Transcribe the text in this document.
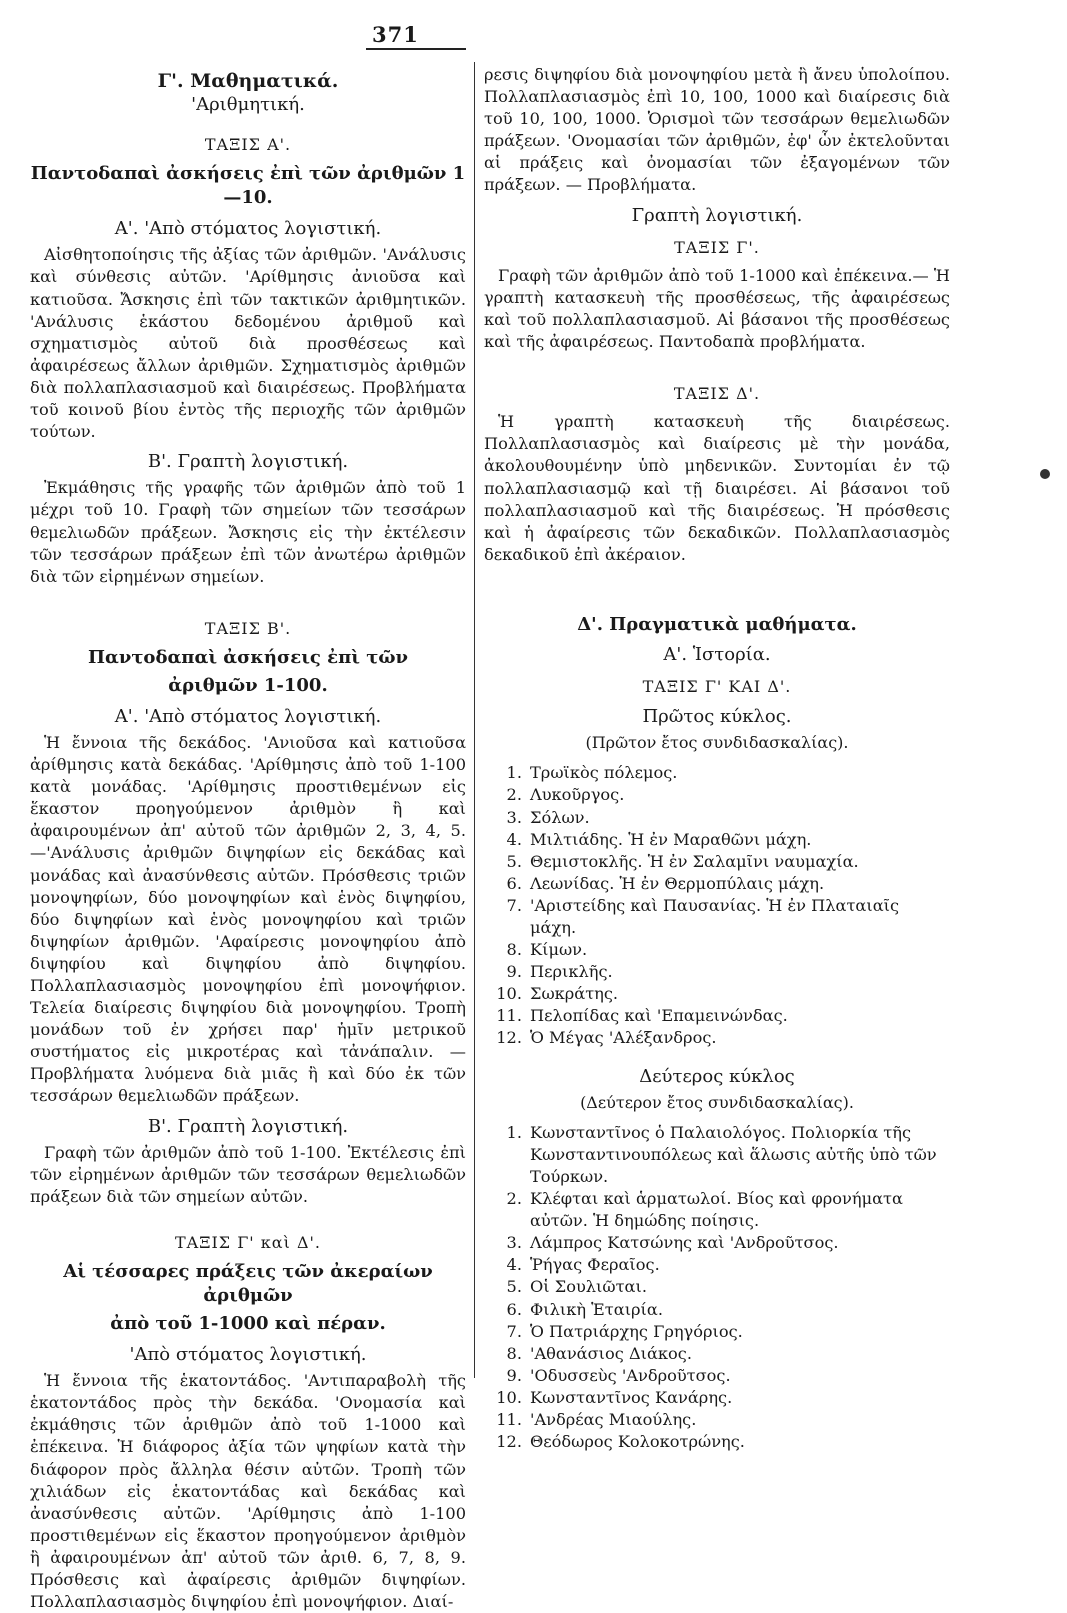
371
Γ'. Μαθηματικά.
'Αριθμητική.
ΤΑΞΙΣ Α'.
Παντοδαπαὶ ἀσκήσεις ἐπὶ τῶν ἀριθμῶν 1—10.
Α'. 'Απὸ στόματος λογιστική.

Αἰσθητοποίησις τῆς ἀξίας τῶν ἀριθμῶν. 'Ανάλυσις καὶ σύνθεσις αὐτῶν. 'Αρίθμησις ἀνιοῦσα καὶ κατιοῦσα. Ἄσκησις ἐπὶ τῶν τακτικῶν ἀριθμητικῶν. 'Ανάλυσις ἑκάστου δεδομένου ἀριθμοῦ καὶ σχηματισμὸς αὐτοῦ διὰ προσθέσεως καὶ ἀφαιρέσεως ἄλλων ἀριθμῶν. Σχηματισμὸς ἀριθμῶν διὰ πολλαπλασιασμοῦ καὶ διαιρέσεως. Προβλήματα τοῦ κοινοῦ βίου ἐντὸς τῆς περιοχῆς τῶν ἀριθμῶν τούτων.

Β'. Γραπτὴ λογιστική.

Ἐκμάθησις τῆς γραφῆς τῶν ἀριθμῶν ἀπὸ τοῦ 1 μέχρι τοῦ 10. Γραφὴ τῶν σημείων τῶν τεσσάρων θεμελιωδῶν πράξεων. Ἄσκησις εἰς τὴν ἐκτέλεσιν τῶν τεσσάρων πράξεων ἐπὶ τῶν ἀνωτέρω ἀριθμῶν διὰ τῶν εἰρημένων σημείων.

ΤΑΞΙΣ Β'.
Παντοδαπαὶ ἀσκήσεις ἐπὶ τῶν
ἀριθμῶν 1-100.
Α'. 'Απὸ στόματος λογιστική.

Ἡ ἔννοια τῆς δεκάδος. 'Ανιοῦσα καὶ κατιοῦσα ἀρίθμησις κατὰ δεκάδας. 'Αρίθμησις ἀπὸ τοῦ 1-100 κατὰ μονάδας. 'Αρίθμησις προστιθεμένων εἰς ἕκαστον προηγούμενον ἀριθμὸν ἢ καὶ ἀφαιρουμένων ἀπ' αὐτοῦ τῶν ἀριθμῶν 2, 3, 4, 5.—'Ανάλυσις ἀριθμῶν διψηφίων εἰς δεκάδας καὶ μονάδας καὶ ἀνασύνθεσις αὐτῶν. Πρόσθεσις τριῶν μονοψηφίων, δύο μονοψηφίων καὶ ἑνὸς διψηφίου, δύο διψηφίων καὶ ἑνὸς μονοψηφίου καὶ τριῶν διψηφίων ἀριθμῶν. 'Αφαίρεσις μονοψηφίου ἀπὸ διψηφίου καὶ διψηφίου ἀπὸ διψηφίου. Πολλαπλασιασμὸς μονοψηφίου ἐπὶ μονοψήφιον. Τελεία διαίρεσις διψηφίου διὰ μονοψηφίου. Τροπὴ μονάδων τοῦ ἐν χρήσει παρ' ἡμῖν μετρικοῦ συστήματος εἰς μικροτέρας καὶ τἀνάπαλιν. —Προβλήματα λυόμενα διὰ μιᾶς ἢ καὶ δύο ἐκ τῶν τεσσάρων θεμελιωδῶν πράξεων.

Β'. Γραπτὴ λογιστική.

Γραφὴ τῶν ἀριθμῶν ἀπὸ τοῦ 1-100. Ἐκτέλεσις ἐπὶ τῶν εἰρημένων ἀριθμῶν τῶν τεσσάρων θεμελιωδῶν πράξεων διὰ τῶν σημείων αὐτῶν.

ΤΑΞΙΣ Γ' καὶ Δ'.
Αἱ τέσσαρες πράξεις τῶν ἀκεραίων ἀριθμῶν
ἀπὸ τοῦ 1-1000 καὶ πέραν.
'Απὸ στόματος λογιστική.

Ἡ ἔννοια τῆς ἑκατοντάδος. 'Αντιπαραβολὴ τῆς ἑκατοντάδος πρὸς τὴν δεκάδα. 'Ονομασία καὶ ἐκμάθησις τῶν ἀριθμῶν ἀπὸ τοῦ 1-1000 καὶ ἐπέκεινα. Ἡ διάφορος ἀξία τῶν ψηφίων κατὰ τὴν διάφορον πρὸς ἄλληλα θέσιν αὐτῶν. Τροπὴ τῶν χιλιάδων εἰς ἑκατοντάδας καὶ δεκάδας καὶ ἀνασύνθεσις αὐτῶν. 'Αρίθμησις ἀπὸ 1-100 προστιθεμένων εἰς ἕκαστον προηγούμενον ἀριθμὸν ἢ ἀφαιρουμένων ἀπ' αὐτοῦ τῶν ἀριθ. 6, 7, 8, 9. Πρόσθεσις καὶ ἀφαίρεσις ἀριθμῶν διψηφίων. Πολλαπλασιασμὸς διψηφίου ἐπὶ μονοψήφιον. Διαί-

ρεσις διψηφίου διὰ μονοψηφίου μετὰ ἢ ἄνευ ὑπολοίπου. Πολλαπλασιασμὸς ἐπὶ 10, 100, 1000 καὶ διαίρεσις διὰ τοῦ 10, 100, 1000. Ὁρισμοὶ τῶν τεσσάρων θεμελιωδῶν πράξεων. 'Ονομασίαι τῶν ἀριθμῶν, ἐφ' ὧν ἐκτελοῦνται αἱ πράξεις καὶ ὀνομασίαι τῶν ἐξαγομένων τῶν πράξεων. — Προβλήματα.

Γραπτὴ λογιστική.
ΤΑΞΙΣ Γ'.

Γραφὴ τῶν ἀριθμῶν ἀπὸ τοῦ 1-1000 καὶ ἐπέκεινα.— Ἡ γραπτὴ κατασκευὴ τῆς προσθέσεως, τῆς ἀφαιρέσεως καὶ τοῦ πολλαπλασιασμοῦ. Αἱ βάσανοι τῆς προσθέσεως καὶ τῆς ἀφαιρέσεως. Παντοδαπὰ προβλήματα.

ΤΑΞΙΣ Δ'.

Ἡ γραπτὴ κατασκευὴ τῆς διαιρέσεως. Πολλαπλασιασμὸς καὶ διαίρεσις μὲ τὴν μονάδα, ἀκολουθουμένην ὑπὸ μηδενικῶν. Συντομίαι ἐν τῷ πολλαπλασιασμῷ καὶ τῇ διαιρέσει. Αἱ βάσανοι τοῦ πολλαπλασιασμοῦ καὶ τῆς διαιρέσεως. Ἡ πρόσθεσις καὶ ἡ ἀφαίρεσις τῶν δεκαδικῶν. Πολλαπλασιασμὸς δεκαδικοῦ ἐπὶ ἀκέραιον.

Δ'. Πραγματικὰ μαθήματα.
Α'. Ἱστορία.
ΤΑΞΙΣ Γ' ΚΑΙ Δ'.
Πρῶτος κύκλος.
(Πρῶτον ἔτος συνδιδασκαλίας).
1. Τρωϊκὸς πόλεμος.
2. Λυκοῦργος.
3. Σόλων.
4. Μιλτιάδης. Ἡ ἐν Μαραθῶνι μάχη.
5. Θεμιστοκλῆς. Ἡ ἐν Σαλαμῖνι ναυμαχία.
6. Λεωνίδας. Ἡ ἐν Θερμοπύλαις μάχη.
7. 'Αριστείδης καὶ Παυσανίας. Ἡ ἐν Πλαταιαῖς μάχη.
8. Κίμων.
9. Περικλῆς.
10. Σωκράτης.
11. Πελοπίδας καὶ 'Επαμεινώνδας.
12. Ὁ Μέγας 'Αλέξανδρος.
Δεύτερος κύκλος
(Δεύτερον ἔτος συνδιδασκαλίας).
1. Κωνσταντῖνος ὁ Παλαιολόγος. Πολιορκία τῆς Κωνσταντινουπόλεως καὶ ἅλωσις αὐτῆς ὑπὸ τῶν Τούρκων.
2. Κλέφται καὶ ἁρματωλοί. Βίος καὶ φρονήματα αὐτῶν. Ἡ δημώδης ποίησις.
3. Λάμπρος Κατσώνης καὶ 'Ανδροῦτσος.
4. Ῥήγας Φεραῖος.
5. Οἱ Σουλιῶται.
6. Φιλικὴ Ἑταιρία.
7. Ὁ Πατριάρχης Γρηγόριος.
8. 'Αθανάσιος Διάκος.
9. 'Οδυσσεὺς 'Ανδροῦτσος.
10. Κωνσταντῖνος Κανάρης.
11. 'Ανδρέας Μιαούλης.
12. Θεόδωρος Κολοκοτρώνης.
